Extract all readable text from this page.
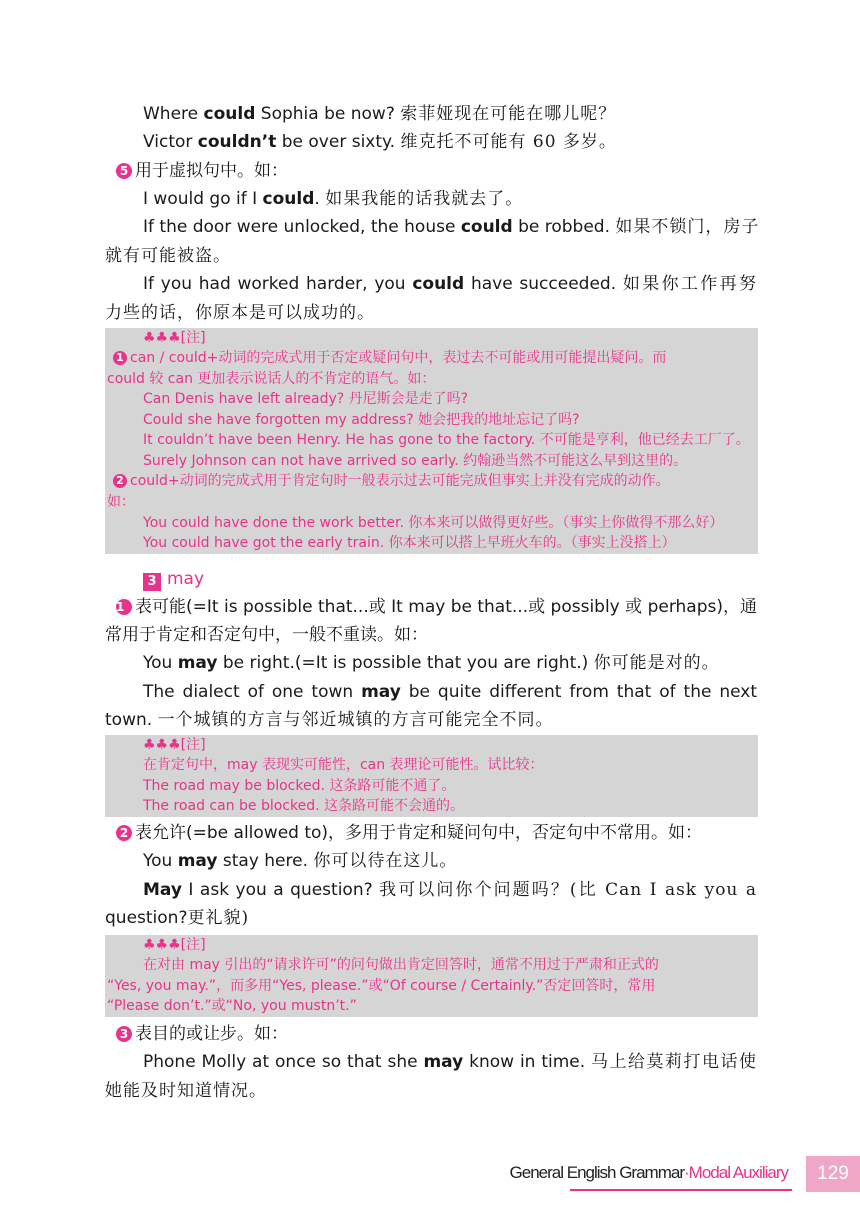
Where could Sophia be now? 索菲娅现在可能在哪儿呢？
Victor couldn’t be over sixty. 维克托不可能有 60 多岁。
5 用于虚拟句中。如：
I would go if I could. 如果我能的话我就去了。
If the door were unlocked, the house could be robbed. 如果不锁门，房子
就有可能被盗。
If you had worked harder, you could have succeeded. 如果你工作再努
力些的话，你原本是可以成功的。
♣♣♣[注]
1 can / could+动词的完成式用于否定或疑问句中，表过去不可能或用可能提出疑问。而
could 较 can 更加表示说话人的不肯定的语气。如：
Can Denis have left already? 丹尼斯会是走了吗?
Could she have forgotten my address? 她会把我的地址忘记了吗?
It couldn’t have been Henry. He has gone to the factory. 不可能是亨利，他已经去工厂了。
Surely Johnson can not have arrived so early. 约翰逊当然不可能这么早到这里的。
2 could+动词的完成式用于肯定句时一般表示过去可能完成但事实上并没有完成的动作。
如：
You could have done the work better. 你本来可以做得更好些。（事实上你做得不那么好）
You could have got the early train. 你本来可以搭上早班火车的。（事实上没搭上）
3 may
1 表可能(=It is possible that...或 It may be that...或 possibly 或 perhaps)，通
常用于肯定和否定句中，一般不重读。如：
You may be right.(=It is possible that you are right.) 你可能是对的。
The dialect of one town may be quite different from that of the next
town. 一个城镇的方言与邻近城镇的方言可能完全不同。
♣♣♣[注]
在肯定句中，may 表现实可能性，can 表理论可能性。试比较：
The road may be blocked. 这条路可能不通了。
The road can be blocked. 这条路可能不会通的。
2 表允许(=be allowed to)，多用于肯定和疑问句中，否定句中不常用。如：
You may stay here. 你可以待在这儿。
May I ask you a question? 我可以问你个问题吗？(比 Can I ask you a
question?更礼貌)
♣♣♣[注]
在对由 may 引出的“请求许可”的问句做出肯定回答时，通常不用过于严肃和正式的
“Yes, you may.”，而多用“Yes, please.”或“Of course / Certainly.”否定回答时，常用
“Please don’t.”或“No, you mustn’t.”
3 表目的或让步。如：
Phone Molly at once so that she may know in time. 马上给莫莉打电话使
她能及时知道情况。
General English Grammar·Modal Auxiliary	129
